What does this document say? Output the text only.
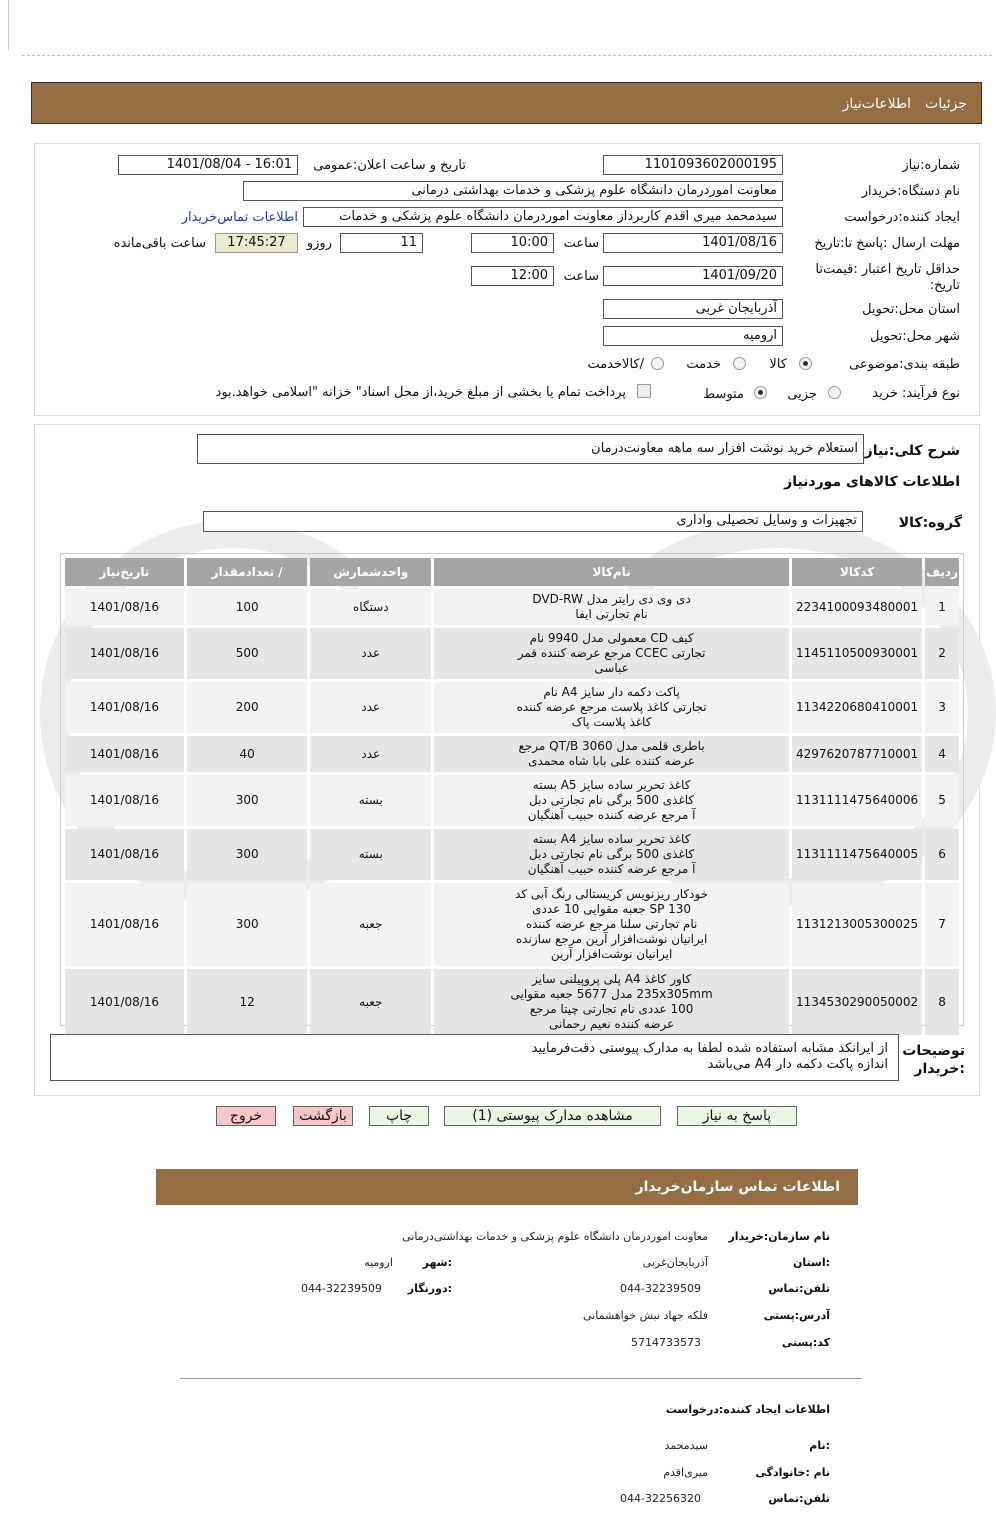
جزئیات
اطلاعات‌نیاز
شماره:نیاز
1101093602000195
تاریخ و ساعت اعلان:عمومی
1401/08/04 - 16:01
نام دستگاه:خریدار
معاونت اموردرمان دانشگاه علوم پزشکی و خدمات بهداشتی درمانی
ایجاد کننده:درخواست
سیدمحمد میری اقدم کاربرداز معاونت اموردرمان دانشگاه علوم پزشکی و خدمات
اطلاعات تماس‌خریدار
مهلت ارسال :پاسخ تا:تاریخ
1401/08/16
ساعت
10:00
11
روزو
17:45:27
ساعت باقی‌مانده
حداقل تاریخ اعتبار :قیمت‌تا تاریخ:
1401/09/20
ساعت
12:00
استان محل:تحویل
آذربایجان غربی
شهر محل:تحویل
ارومیه
طبقه بندی:موضوعی
کالا
خدمت
/کالاخدمت
نوع فرآیند: خرید
جزیی
متوسط
پرداخت تمام یا بخشی از مبلغ خرید،از محل اسناد" خزانه "اسلامی خواهد.بود
شرح کلی:نیاز
استعلام خرید نوشت افزار سه ماهه معاونت‌درمان
اطلاعات کالاهای موردنیاز
گروه:کالا
تجهیزات و وسایل تحصیلی واداری
ردیف	کدکالا	نام‌کالا	واحدشمارش	/ تعدادمقدار	تاریخ‌نیاز
1	2234100093480001	دی وی دی رایتر مدل DVD-RW
نام تجارتی ایفا	دستگاه	100	1401/08/16
2	1145110500930001	کیف CD معمولی مدل 9940 نام
تجارتی CCEC مرجع عرضه کننده قمر
عباسی	عدد	500	1401/08/16
3	1134220680410001	پاکت دکمه دار سایز A4 نام
تجارتی کاغذ پلاست مرجع عرضه کننده
کاغذ پلاست پاک	عدد	200	1401/08/16
4	4297620787710001	باطری قلمی مدل QT/B 3060 مرجع
عرضه کننده علی بابا شاه محمدی	عدد	40	1401/08/16
5	1131111475640006	کاغذ تحریر ساده سایز A5 بسته
کاغذی 500 برگی نام تجارتی دبل
آ مرجع عرضه کننده حبیب آهنگیان	بسته	300	1401/08/16
6	1131111475640005	کاغذ تحریر ساده سایز A4 بسته
کاغذی 500 برگی نام تجارتی دبل
آ مرجع عرضه کننده حبیب آهنگیان	بسته	300	1401/08/16
7	1131213005300025	خودکار ریزنویس کریستالی رنگ آبی کد
SP 130 جعبه مقوایی 10 عددی
نام تجارتی سلنا مرجع عرضه کننده
ایرانیان نوشت‌افزار آرین مرجع سازنده
ایرانیان نوشت‌افزار آرین	جعبه	300	1401/08/16
8	1134530290050002	کاور کاغذ A4 پلی پروپیلنی سایز
235x305mm مدل 5677 جعبه مقوایی
100 عددی نام تجارتی چیتا مرجع
عرضه کننده نعیم رحمانی	جعبه	12	1401/08/16
توضیحات :خریدار
از ایرانکد مشابه استفاده شده لطفا به مدارک پیوستی دقت‌فرمایید
اندازه پاکت دکمه دار A4 می‌باشد
پاسخ به نیاز
مشاهده مدارک پیوستی (1)
چاپ
بازگشت
خروج
اطلاعات تماس سازمان‌خریدار
نام سازمان:خریدار
معاونت اموردرمان دانشگاه علوم پزشکی و خدمات بهداشتی‌درمانی
:استان
آذربایجان‌غربی
:شهر
ارومیه
تلفن:تماس
044-32239509
:دورنگار
044-32239509
آدرس:پستی
فلکه جهاد نبش خواهشمانی
کد:پستی
5714733573
اطلاعات ایجاد کننده:درخواست
:نام
سیدمحمد
نام :خانوادگی
میری‌اقدم
تلفن:تماس
044-32256320
